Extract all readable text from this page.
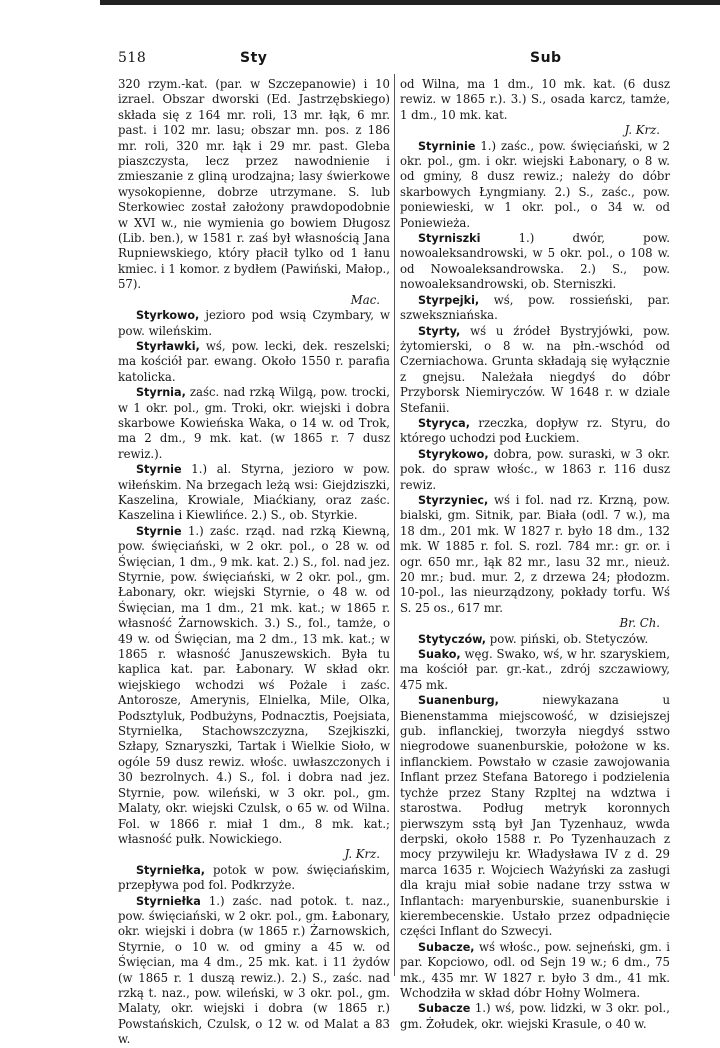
518	Sty	Sub

320 rzym.-kat. (par. w Szczepanowie) i 10 izrael. Obszar dworski (Ed. Jastrzębskiego) składa się z 164 mr. roli, 13 mr. łąk, 6 mr. past. i 102 mr. lasu; obszar mn. pos. z 186 mr. roli, 320 mr. łąk i 29 mr. past. Gleba piaszczysta, lecz przez nawodnienie i zmieszanie z gliną urodzajna; lasy świerkowe wysokopienne, dobrze utrzymane. S. lub Sterkowiec został założony prawdopodobnie w XVI w., nie wymienia go bowiem Długosz (Lib. ben.), w 1581 r. zaś był własnością Jana Rupniewskiego, który płacił tylko od 1 łanu kmiec. i 1 komor. z bydłem (Pawiński, Małop., 57).
Mac.

Styrkowo, jezioro pod wsią Czymbary, w pow. wileńskim.

Styrławki, wś, pow. lecki, dek. reszelski; ma kościół par. ewang. Około 1550 r. parafia katolicka.

Styrnia, zaśc. nad rzką Wilgą, pow. trocki, w 1 okr. pol., gm. Troki, okr. wiejski i dobra skarbowe Kowieńska Waka, o 14 w. od Trok, ma 2 dm., 9 mk. kat. (w 1865 r. 7 dusz rewiz.).

Styrnie 1.) al. Styrna, jezioro w pow. wiłeńskim. Na brzegach leżą wsi: Giejdziszki, Kaszelina, Krowiale, Miaćkiany, oraz zaśc. Kaszelina i Kiewlińce. 2.) S., ob. Styrkie.

Styrnie 1.) zaśc. rząd. nad rzką Kiewną, pow. święciański, w 2 okr. pol., o 28 w. od Święcian, 1 dm., 9 mk. kat. 2.) S., fol. nad jez. Styrnie, pow. święciański, w 2 okr. pol., gm. Łabonary, okr. wiejski Styrnie, o 48 w. od Święcian, ma 1 dm., 21 mk. kat.; w 1865 r. własność Żarnowskich. 3.) S., fol., tamże, o 49 w. od Święcian, ma 2 dm., 13 mk. kat.; w 1865 r. własność Januszewskich. Była tu kaplica kat. par. Łabonary. W skład okr. wiejskiego wchodzi wś Pożale i zaśc. Antorosze, Amerynis, Elnielka, Mile, Olka, Podsztyluk, Podbużyns, Podnacztis, Poejsiata, Styrnielka, Stachowszczyzna, Szejkiszki, Szłapy, Sznaryszki, Tartak i Wielkie Sioło, w ogóle 59 dusz rewiz. włośc. uwłaszczonych i 30 bezrolnych. 4.) S., fol. i dobra nad jez. Styrnie, pow. wileński, w 3 okr. pol., gm. Malaty, okr. wiejski Czulsk, o 65 w. od Wilna. Fol. w 1866 r. miał 1 dm., 8 mk. kat.; własność pułk. Nowickiego.
J. Krz.

Styrniełka, potok w pow. święciańskim, przepływa pod fol. Podkrzyże.

Styrniełka 1.) zaśc. nad potok. t. naz., pow. święciański, w 2 okr. pol., gm. Łabonary, okr. wiejski i dobra (w 1865 r.) Żarnowskich, Styrnie, o 10 w. od gminy a 45 w. od Święcian, ma 4 dm., 25 mk. kat. i 11 żydów (w 1865 r. 1 duszą rewiz.). 2.) S., zaśc. nad rzką t. naz., pow. wileński, w 3 okr. pol., gm. Malaty, okr. wiejski i dobra (w 1865 r.) Powstańskich, Czulsk, o 12 w. od Malat a 83 w.

od Wilna, ma 1 dm., 10 mk. kat. (6 dusz rewiz. w 1865 r.). 3.) S., osada karcz, tamże, 1 dm., 10 mk. kat.
J. Krz.

Styrninie 1.) zaśc., pow. święciański, w 2 okr. pol., gm. i okr. wiejski Łabonary, o 8 w. od gminy, 8 dusz rewiz.; należy do dóbr skarbowych Łyngmiany. 2.) S., zaśc., pow. poniewieski, w 1 okr. pol., o 34 w. od Poniewieża.

Styrniszki 1.) dwór, pow. nowoaleksandrowski, w 5 okr. pol., o 108 w. od Nowoaleksandrowska. 2.) S., pow. nowoaleksandrowski, ob. Sterniszki.

Styrpejki, wś, pow. rossieński, par. szwekszniańska.

Styrty, wś u źródeł Bystryjówki, pow. żytomierski, o 8 w. na płn.-wschód od Czerniachowa. Grunta składają się wyłącznie z gnejsu. Należała niegdyś do dóbr Przyborsk Niemiryczów. W 1648 r. w dziale Stefanii.

Styryca, rzeczka, dopływ rz. Styru, do którego uchodzi pod Łuckiem.

Styrykowo, dobra, pow. suraski, w 3 okr. pok. do spraw włośc., w 1863 r. 116 dusz rewiz.

Styrzyniec, wś i fol. nad rz. Krzną, pow. bialski, gm. Sitnik, par. Biała (odl. 7 w.), ma 18 dm., 201 mk. W 1827 r. było 18 dm., 132 mk. W 1885 r. fol. S. rozl. 784 mr.: gr. or. i ogr. 650 mr., łąk 82 mr., lasu 32 mr., nieuż. 20 mr.; bud. mur. 2, z drzewa 24; płodozm. 10-pol., las nieurządzony, pokłady torfu. Wś S. 25 os., 617 mr.
Br. Ch.

Stytyczów, pow. piński, ob. Stetyczów.

Suako, węg. Swako, wś, w hr. szaryskiem, ma kościół par. gr.-kat., zdrój szczawiowy, 475 mk.

Suanenburg, niewykazana u Bienenstamma miejscowość, w dzisiejszej gub. inflanckiej, tworzyła niegdyś sstwo niegrodowe suanenburskie, położone w ks. inflanckiem. Powstało w czasie zawojowania Inflant przez Stefana Batorego i podzielenia tychże przez Stany Rzpltej na wdztwa i starostwa. Podług metryk koronnych pierwszym sstą był Jan Tyzenhauz, wwda derpski, około 1588 r. Po Tyzenhauzach z mocy przywileju kr. Władysława IV z d. 29 marca 1635 r. Wojciech Ważyński za zasługi dla kraju miał sobie nadane trzy sstwa w Inflantach: maryenburskie, suanenburskie i kierembecenskie. Ustało przez odpadnięcie części Inflant do Szwecyi.

Subacze, wś włośc., pow. sejneński, gm. i par. Kopciowo, odl. od Sejn 19 w.; 6 dm., 75 mk., 435 mr. W 1827 r. było 3 dm., 41 mk. Wchodziła w skład dóbr Hołny Wolmera.

Subacze 1.) wś, pow. lidzki, w 3 okr. pol., gm. Żołudek, okr. wiejski Krasule, o 40 w.
